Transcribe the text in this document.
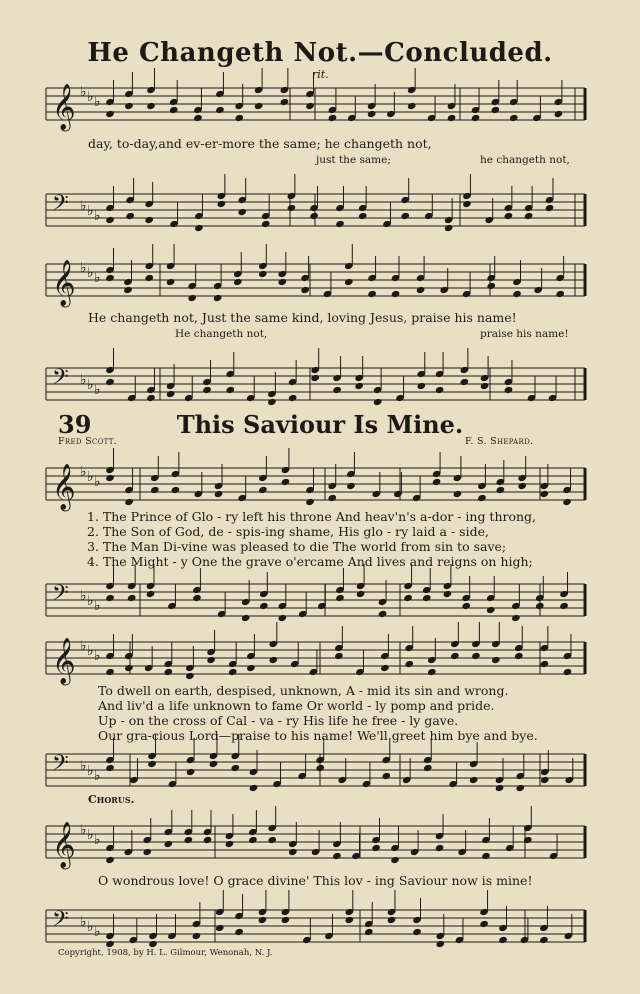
He Changeth Not.—Concluded.
rit.
𝄞 ♭ ♭ ♭
𝄢 ♭ ♭ ♭
𝄞 ♭ ♭ ♭
𝄢 ♭ ♭ ♭
𝄞 ♭ ♭ ♭
𝄢 ♭ ♭ ♭
𝄞 ♭ ♭ ♭
𝄢 ♭ ♭ ♭
𝄞 ♭ ♭ ♭
𝄢 ♭ ♭ ♭
day, to-day,and ev-er-more the same; he changeth not,
just the same;	he changeth not,
He changeth not, Just the same kind, loving Jesus, praise his name!
He changeth not,	praise his name!
39	This Saviour Is Mine.
Fred Scott.	F. S. Shepard.
1. The Prince of Glo - ry left his throne And heav'n's a-dor - ing throng,
2. The Son of God, de - spis-ing shame, His glo - ry laid a - side,
3. The Man Di-vine was pleased to die The world from sin to save;
4. The Might - y One the grave o'ercame And lives and reigns on high;
To dwell on earth, despised, unknown, A - mid its sin and wrong.
And liv'd a life unknown to fame Or world - ly pomp and pride.
Up - on the cross of Cal - va - ry His life he free - ly gave.
Our gra-cious Lord—praise to his name! We'll greet him bye and bye.
Chorus.
O wondrous love! O grace divine' This lov - ing Saviour now is mine!
Copyright, 1908, by H. L. Gilmour, Wenonah, N. J.
